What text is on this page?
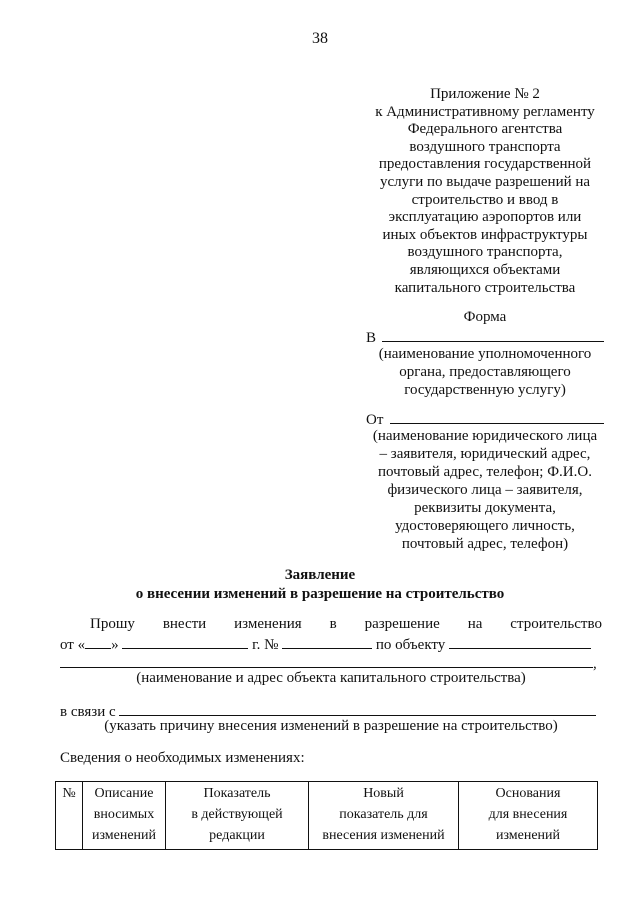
38
Приложение № 2
к Административному регламенту
Федерального агентства
воздушного транспорта
предоставления государственной
услуги по выдаче разрешений на
строительство и ввод в
эксплуатацию аэропортов или
иных объектов инфраструктуры
воздушного транспорта,
являющихся объектами
капитального строительства
Форма
В
(наименование уполномоченного
органа, предоставляющего
государственную услугу)
От
(наименование юридического лица
– заявителя, юридический адрес,
почтовый адрес, телефон; Ф.И.О.
физического лица – заявителя,
реквизиты документа,
удостоверяющего личность,
почтовый адрес, телефон)
Заявление
о внесении изменений в разрешение на строительство
Прошу внести изменения в разрешение на строительство
от « »	г. №	по объекту
,
(наименование и адрес объекта капитального строительства)
в связи с
(указать причину внесения изменений в разрешение на строительство)
Сведения о необходимых изменениях:
№	Описание
вносимых
изменений

Показатель
в действующей
редакции

Новый
показатель для
внесения изменений

Основания
для внесения
изменений
